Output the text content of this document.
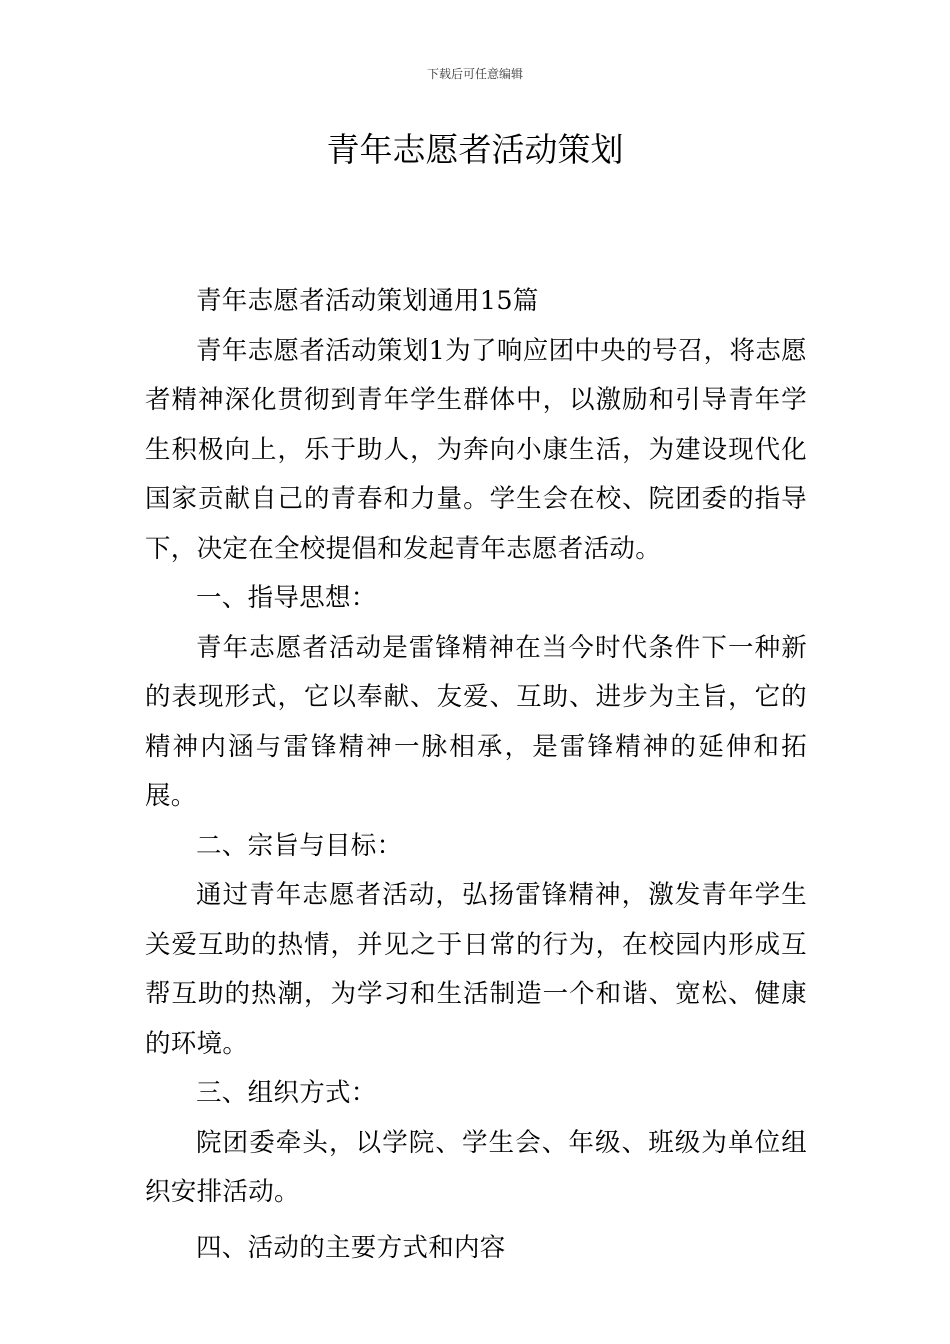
下载后可任意编辑
青年志愿者活动策划

青年志愿者活动策划通用15篇

青年志愿者活动策划1为了响应团中央的号召，将志愿者精神深化贯彻到青年学生群体中，以激励和引导青年学生积极向上，乐于助人，为奔向小康生活，为建设现代化国家贡献自己的青春和力量。学生会在校、院团委的指导下，决定在全校提倡和发起青年志愿者活动。

一、指导思想：

青年志愿者活动是雷锋精神在当今时代条件下一种新的表现形式，它以奉献、友爱、互助、进步为主旨，它的精神内涵与雷锋精神一脉相承，是雷锋精神的延伸和拓展。

二、宗旨与目标：

通过青年志愿者活动，弘扬雷锋精神，激发青年学生关爱互助的热情，并见之于日常的行为，在校园内形成互帮互助的热潮，为学习和生活制造一个和谐、宽松、健康的环境。

三、组织方式：

院团委牵头，以学院、学生会、年级、班级为单位组织安排活动。

四、活动的主要方式和内容
